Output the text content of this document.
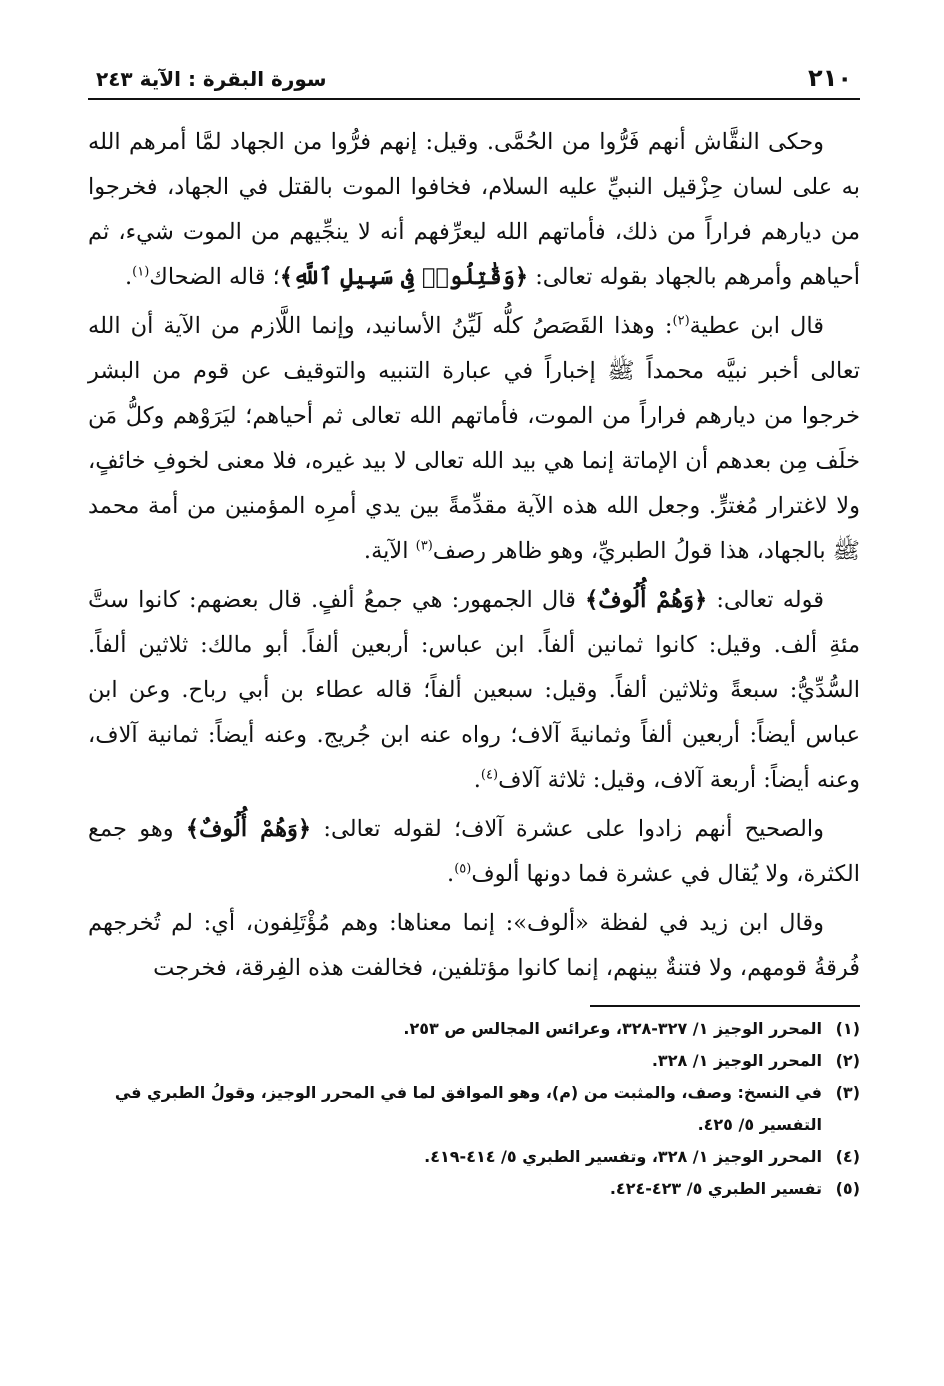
٢١٠
سورة البقرة : الآية ٢٤٣

وحكى النقَّاش أنهم فَرُّوا من الحُمَّى. وقيل: إنهم فرُّوا من الجهاد لمَّا أمرهم الله به على لسان حِزْقيل النبيِّ عليه السلام، فخافوا الموت بالقتل في الجهاد، فخرجوا من ديارهم فراراً من ذلك، فأماتهم الله ليعرِّفهم أنه لا ينجِّيهم من الموت شيء، ثم أحياهم وأمرهم بالجهاد بقوله تعالى: ﴿وَقَٰتِلُوا۟ فِى سَبِيلِ ٱللَّهِ﴾؛ قاله الضحاك$^{(١)}$.

قال ابن عطية$^{(٢)}$: وهذا القَصَصُ كلُّه لَيِّنُ الأسانيد، وإنما اللَّازم من الآية أن الله تعالى أخبر نبيَّه محمداً ﷺ إخباراً في عبارة التنبيه والتوقيف عن قوم من البشر خرجوا من ديارهم فراراً من الموت، فأماتهم الله تعالى ثم أحياهم؛ ليَرَوْهم وكلُّ مَن خلَف مِن بعدهم أن الإماتة إنما هي بيد الله تعالى لا بيد غيره، فلا معنى لخوفِ خائفٍ، ولا لاغترار مُغترٍّ. وجعل الله هذه الآية مقدِّمةً بين يدي أمرِه المؤمنين من أمة محمد ﷺ بالجهاد، هذا قولُ الطبريِّ، وهو ظاهر رصف$^{(٣)}$ الآية.

قوله تعالى: ﴿وَهُمْ أُلُوفٌ﴾ قال الجمهور: هي جمعُ ألفٍ. قال بعضهم: كانوا ستَّ مئةِ ألف. وقيل: كانوا ثمانين ألفاً. ابن عباس: أربعين ألفاً. أبو مالك: ثلاثين ألفاً. السُّدِّيُّ: سبعةً وثلاثين ألفاً. وقيل: سبعين ألفاً؛ قاله عطاء بن أبي رباح. وعن ابن عباس أيضاً: أربعين ألفاً وثمانيةَ آلاف؛ رواه عنه ابن جُريج. وعنه أيضاً: ثمانية آلاف، وعنه أيضاً: أربعة آلاف، وقيل: ثلاثة آلاف$^{(٤)}$.

والصحيح أنهم زادوا على عشرة آلاف؛ لقوله تعالى: ﴿وَهُمْ أُلُوفٌ﴾ وهو جمع الكثرة، ولا يُقال في عشرة فما دونها ألوف$^{(٥)}$.

وقال ابن زيد في لفظة «ألوف»: إنما معناها: وهم مُؤْتَلِفون، أي: لم تُخرجهم فُرقةُ قومهم، ولا فتنةٌ بينهم، إنما كانوا مؤتلفين، فخالفت هذه الفِرقة، فخرجت

(١)
المحرر الوجيز ١/ ٣٢٧-٣٢٨، وعرائس المجالس ص ٢٥٣.
(٢)
المحرر الوجيز ١/ ٣٢٨.
(٣)
في النسخ: وصف، والمثبت من (م)، وهو الموافق لما في المحرر الوجيز، وقولُ الطبري في التفسير ٥/ ٤٢٥.
(٤)
المحرر الوجيز ١/ ٣٢٨، وتفسير الطبري ٥/ ٤١٤-٤١٩.
(٥)
تفسير الطبري ٥/ ٤٢٣-٤٢٤.
